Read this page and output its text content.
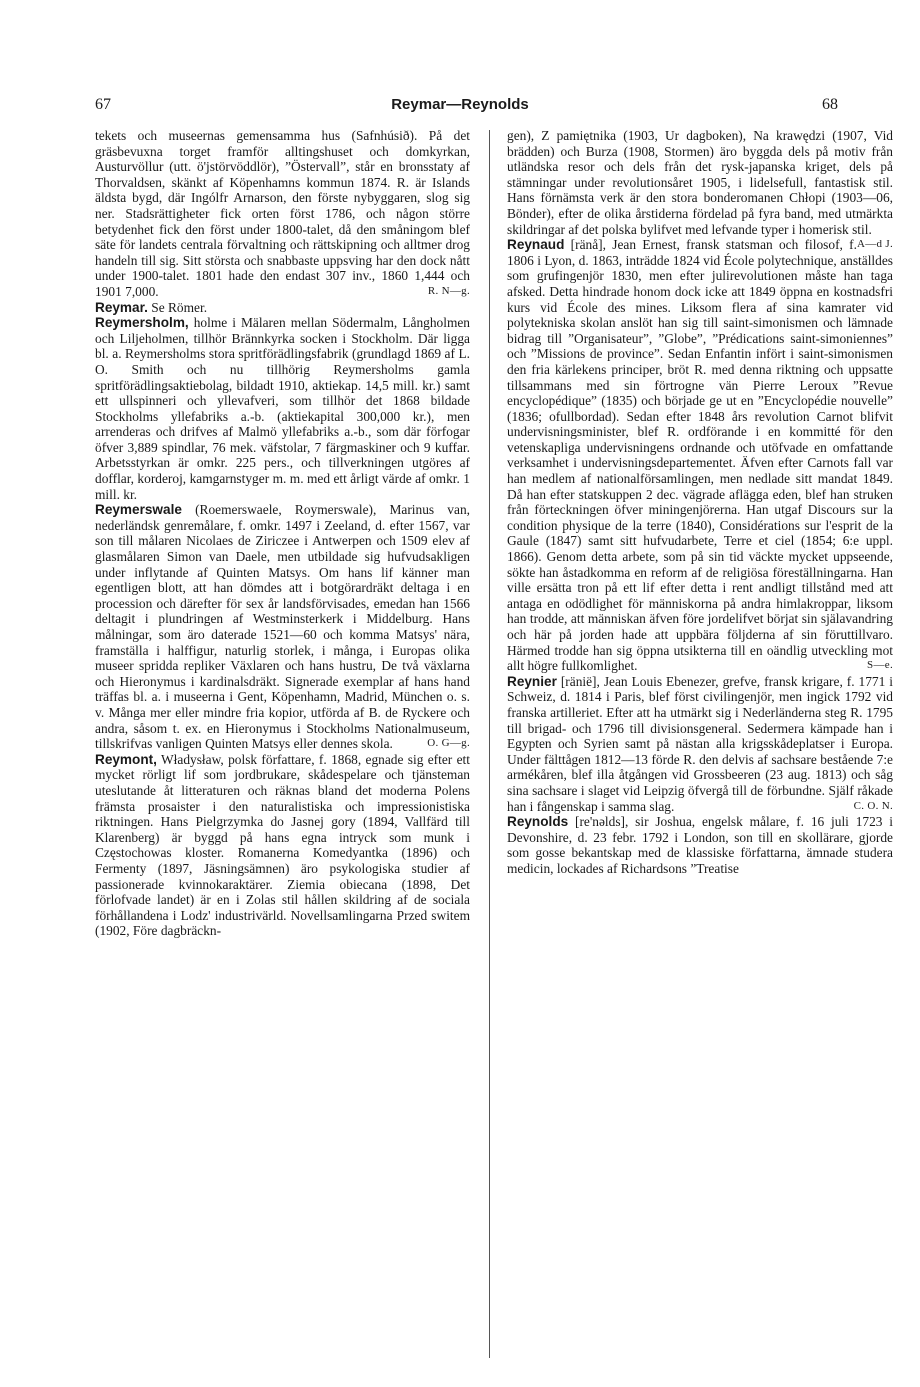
67	Reymar—Reynolds	68

tekets och museernas gemensamma hus (Safnhúsið). På det gräsbevuxna torget framför alltingshuset och domkyrkan, Austurvöllur (utt. ö'jstörvöddlör), ”Östervall”, står en bronsstaty af Thorvaldsen, skänkt af Köpenhamns kommun 1874. R. är Islands äldsta bygd, där Ingólfr Arnarson, den förste nybyggaren, slog sig ner. Stadsrättigheter fick orten först 1786, och någon större betydenhet fick den först under 1800-talet, då den småningom blef säte för landets centrala förvaltning och rättskipning och alltmer drog handeln till sig. Sitt största och snabbaste uppsving har den dock nått under 1900-talet. 1801 hade den endast 307 inv., 1860 1,444 och 1901 7,000.	R. N—g.

Reymar. Se Römer.

Reymersholm, holme i Mälaren mellan Södermalm, Långholmen och Liljeholmen, tillhör Brännkyrka socken i Stockholm. Där ligga bl. a. Reymersholms stora spritförädlingsfabrik (grundlagd 1869 af L. O. Smith och nu tillhörig Reymersholms gamla spritförädlingsaktiebolag, bildadt 1910, aktiekap. 14,5 mill. kr.) samt ett ullspinneri och yllevafveri, som tillhör det 1868 bildade Stockholms yllefabriks a.-b. (aktiekapital 300,000 kr.), men arrenderas och drifves af Malmö yllefabriks a.-b., som där förfogar öfver 3,889 spindlar, 76 mek. väfstolar, 7 färgmaskiner och 9 kuffar. Arbetsstyrkan är omkr. 225 pers., och tillverkningen utgöres af dofflar, korderoj, kamgarnstyger m. m. med ett årligt värde af omkr. 1 mill. kr.

Reymerswale (Roemerswaele, Roymerswale), Marinus van, nederländsk genremålare, f. omkr. 1497 i Zeeland, d. efter 1567, var son till målaren Nicolaes de Ziriczee i Antwerpen och 1509 elev af glasmålaren Simon van Daele, men utbildade sig hufvudsakligen under inflytande af Quinten Matsys. Om hans lif känner man egentligen blott, att han dömdes att i botgörardräkt deltaga i en procession och därefter för sex år landsförvisades, emedan han 1566 deltagit i plundringen af Westminsterkerk i Middelburg. Hans målningar, som äro daterade 1521—60 och komma Matsys' nära, framställa i halffigur, naturlig storlek, i många, i Europas olika museer spridda repliker Växlaren och hans hustru, De två växlarna och Hieronymus i kardinalsdräkt. Signerade exemplar af hans hand träffas bl. a. i museerna i Gent, Köpenhamn, Madrid, München o. s. v. Många mer eller mindre fria kopior, utförda af B. de Ryckere och andra, såsom t. ex. en Hieronymus i Stockholms Nationalmuseum, tillskrifvas vanligen Quinten Matsys eller dennes skola.	O. G—g.

Reymont, Władysław, polsk författare, f. 1868, egnade sig efter ett mycket rörligt lif som jordbrukare, skådespelare och tjänsteman uteslutande åt litteraturen och räknas bland det moderna Polens främsta prosaister i den naturalistiska och impressionistiska riktningen. Hans Pielgrzymka do Jasnej gory (1894, Vallfärd till Klarenberg) är byggd på hans egna intryck som munk i Częstochowas kloster. Romanerna Komedyantka (1896) och Fermenty (1897, Jäsningsämnen) äro psykologiska studier af passionerade kvinnokaraktärer. Ziemia obiecana (1898, Det förlofvade landet) är en i Zolas stil hållen skildring af de sociala förhållandena i Lodz' industrivärld. Novellsamlingarna Przed switem (1902, Före dagbräckn-

gen), Z pamiętnika (1903, Ur dagboken), Na krawędzi (1907, Vid brädden) och Burza (1908, Stormen) äro byggda dels på motiv från utländska resor och dels från det rysk-japanska kriget, dels på stämningar under revolutionsåret 1905, i lidelsefull, fantastisk stil. Hans förnämsta verk är den stora bonderomanen Chłopi (1903—06, Bönder), efter de olika årstiderna fördelad på fyra band, med utmärkta skildringar af det polska bylifvet med lefvande typer i homerisk stil.
A—d J.

Reynaud [ränå], Jean Ernest, fransk statsman och filosof, f. 1806 i Lyon, d. 1863, inträdde 1824 vid École polytechnique, anställdes som grufingenjör 1830, men efter julirevolutionen måste han taga afsked. Detta hindrade honom dock icke att 1849 öppna en kostnadsfri kurs vid École des mines. Liksom flera af sina kamrater vid polytekniska skolan anslöt han sig till saint-simonismen och lämnade bidrag till ”Organisateur”, ”Globe”, ”Prédications saint-simoniennes” och ”Missions de province”. Sedan Enfantin infört i saint-simonismen den fria kärlekens principer, bröt R. med denna riktning och uppsatte tillsammans med sin förtrogne vän Pierre Leroux ”Revue encyclopédique” (1835) och började ge ut en ”Encyclopédie nouvelle” (1836; ofullbordad). Sedan efter 1848 års revolution Carnot blifvit undervisningsminister, blef R. ordförande i en kommitté för den vetenskapliga undervisningens ordnande och utöfvade en omfattande verksamhet i undervisningsdepartementet. Äfven efter Carnots fall var han medlem af nationalförsamlingen, men nedlade sitt mandat 1849. Då han efter statskuppen 2 dec. vägrade aflägga eden, blef han struken från förteckningen öfver miningenjörerna. Han utgaf Discours sur la condition physique de la terre (1840), Considérations sur l'esprit de la Gaule (1847) samt sitt hufvudarbete, Terre et ciel (1854; 6:e uppl. 1866). Genom detta arbete, som på sin tid väckte mycket uppseende, sökte han åstadkomma en reform af de religiösa föreställningarna. Han ville ersätta tron på ett lif efter detta i rent andligt tillstånd med att antaga en odödlighet för människorna på andra himlakroppar, liksom han trodde, att människan äfven före jordelifvet börjat sin själavandring och här på jorden hade att uppbära följderna af sin föruttillvaro. Härmed trodde han sig öppna utsikterna till en oändlig utveckling mot allt högre fullkomlighet.	S—e.

Reynier [ränië], Jean Louis Ebenezer, grefve, fransk krigare, f. 1771 i Schweiz, d. 1814 i Paris, blef först civilingenjör, men ingick 1792 vid franska artilleriet. Efter att ha utmärkt sig i Nederländerna steg R. 1795 till brigad- och 1796 till divisionsgeneral. Sedermera kämpade han i Egypten och Syrien samt på nästan alla krigsskådeplatser i Europa. Under fälttågen 1812—13 förde R. den delvis af sachsare bestående 7:e armékåren, blef illa åtgången vid Grossbeeren (23 aug. 1813) och såg sina sachsare i slaget vid Leipzig öfvergå till de förbundne. Själf råkade han i fångenskap i samma slag.	C. O. N.

Reynolds [re'nəlds], sir Joshua, engelsk målare, f. 16 juli 1723 i Devonshire, d. 23 febr. 1792 i London, son till en skollärare, gjorde som gosse bekantskap med de klassiske författarna, ämnade studera medicin, lockades af Richardsons ”Treatise
